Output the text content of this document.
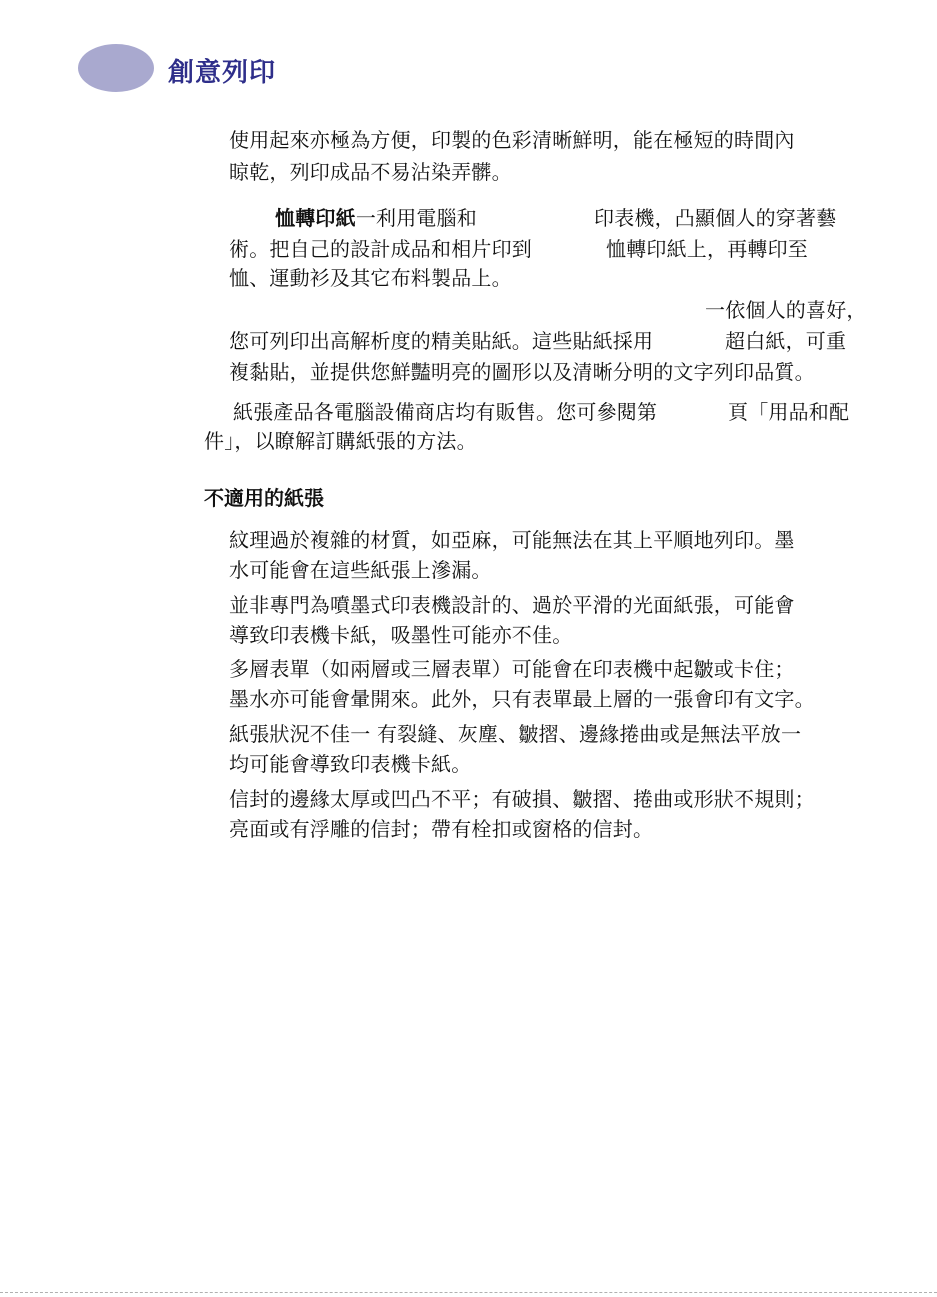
創意列印
使用起來亦極為方便，印製的色彩清晰鮮明，能在極短的時間內
晾乾，列印成品不易沾染弄髒。
恤轉印紙一利用電腦和	印表機，凸顯個人的穿著藝
術。把自己的設計成品和相片印到	恤轉印紙上，再轉印至
恤、運動衫及其它布料製品上。
一依個人的喜好，
您可列印出高解析度的精美貼紙。這些貼紙採用	超白紙，可重
複黏貼，並提供您鮮豔明亮的圖形以及清晰分明的文字列印品質。
紙張產品各電腦設備商店均有販售。您可參閱第	頁「用品和配
件」，以瞭解訂購紙張的方法。
不適用的紙張
紋理過於複雜的材質，如亞麻，可能無法在其上平順地列印。墨
水可能會在這些紙張上滲漏。
並非專門為噴墨式印表機設計的、過於平滑的光面紙張，可能會
導致印表機卡紙，吸墨性可能亦不佳。
多層表單（如兩層或三層表單）可能會在印表機中起皺或卡住；
墨水亦可能會暈開來。此外，只有表單最上層的一張會印有文字。
紙張狀況不佳一 有裂縫、灰塵、皺摺、邊緣捲曲或是無法平放一
均可能會導致印表機卡紙。
信封的邊緣太厚或凹凸不平；有破損、皺摺、捲曲或形狀不規則；
亮面或有浮雕的信封；帶有栓扣或窗格的信封。
